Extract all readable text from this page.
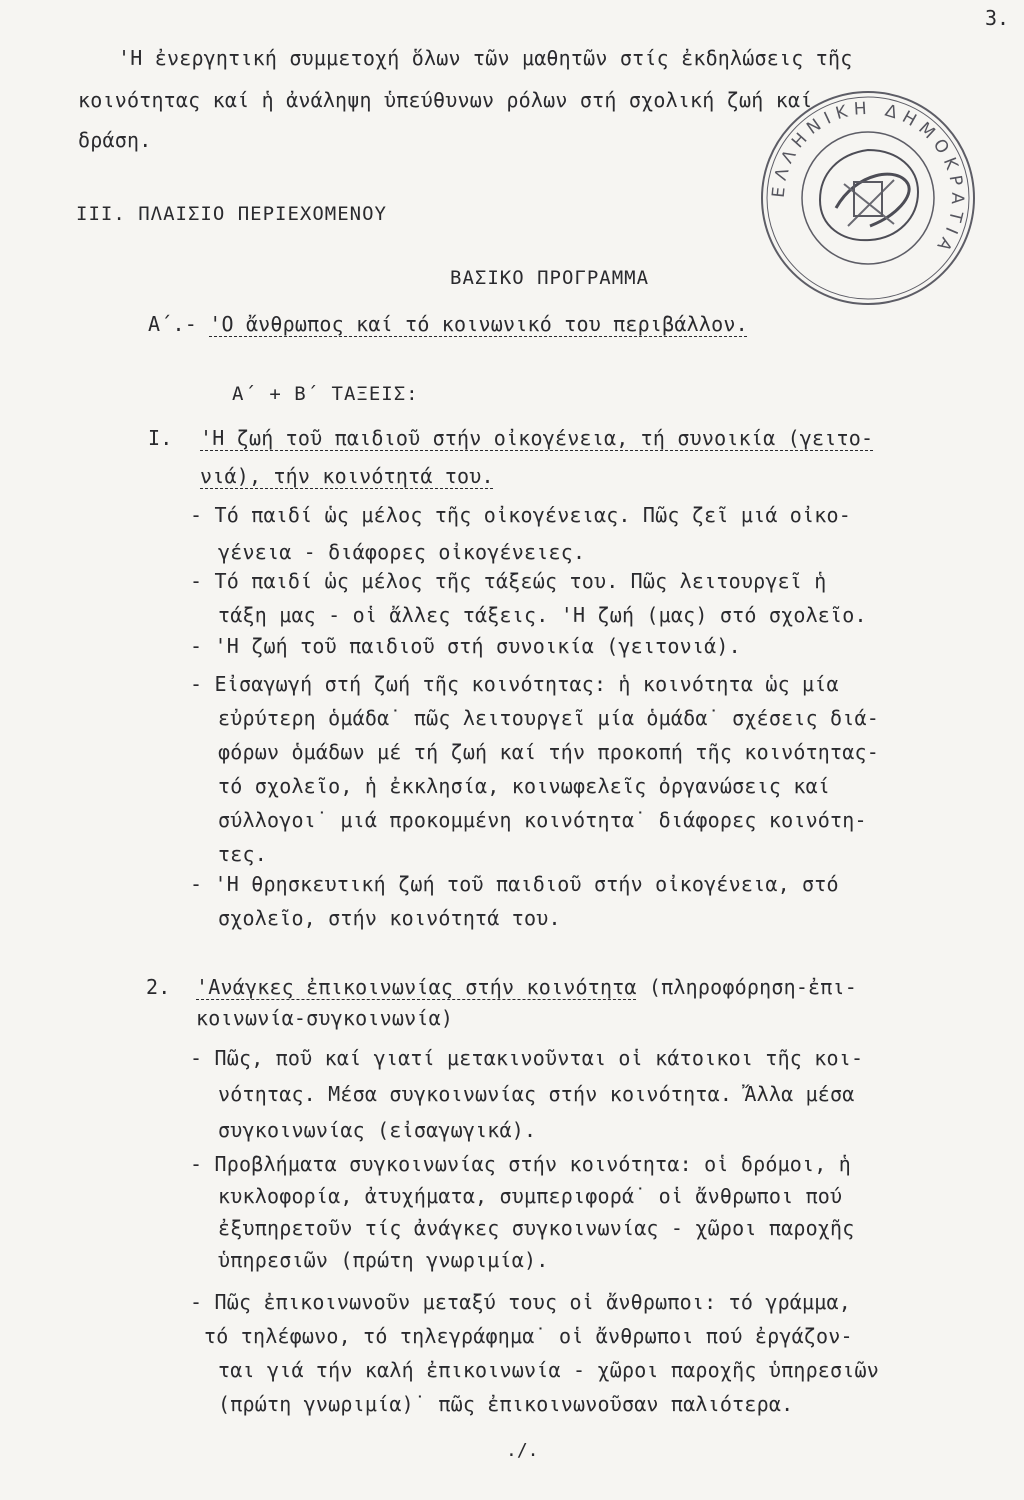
3.
ΕΛΛΗΝΙΚΗ ΔΗΜΟΚΡΑΤΙΑ
'Η ἐνεργητική συμμετοχή ὅλων τῶν μαθητῶν στίς ἐκδηλώσεις τῆς
κοινότητας καί ἡ ἀνάληψη ὑπεύθυνων ρόλων στή σχολική ζωή καί
δράση.
III. ΠΛΑΙΣΙΟ ΠΕΡΙΕΧΟΜΕΝΟΥ
ΒΑΣΙΚΟ ΠΡΟΓΡΑΜΜΑ
Α΄.- 'Ο ἄνθρωπος καί τό κοινωνικό του περιβάλλον.
Α΄ + Β΄ ΤΑΞΕΙΣ:
I. 'Η ζωή τοῦ παιδιοῦ στήν οἰκογένεια, τή συνοικία (γειτο-
νιά), τήν κοινότητά του.
- Τό παιδί ὡς μέλος τῆς οἰκογένειας. Πῶς ζεῖ μιά οἰκο-
γένεια - διάφορες οἰκογένειες.
- Τό παιδί ὡς μέλος τῆς τάξεώς του. Πῶς λειτουργεῖ ἡ
τάξη μας - οἱ ἄλλες τάξεις. 'Η ζωή (μας) στό σχολεῖο.
- 'Η ζωή τοῦ παιδιοῦ στή συνοικία (γειτονιά).
- Εἰσαγωγή στή ζωή τῆς κοινότητας: ἡ κοινότητα ὡς μία
εὐρύτερη ὁμάδα˙ πῶς λειτουργεῖ μία ὁμάδα˙ σχέσεις διά-
φόρων ὁμάδων μέ τή ζωή καί τήν προκοπή τῆς κοινότητας-
τό σχολεῖο, ἡ ἐκκλησία, κοινωφελεῖς ὀργανώσεις καί
σύλλογοι˙ μιά προκομμένη κοινότητα˙ διάφορες κοινότη-
τες.
- 'Η θρησκευτική ζωή τοῦ παιδιοῦ στήν οἰκογένεια, στό
σχολεῖο, στήν κοινότητά του.
2. 'Ανάγκες ἐπικοινωνίας στήν κοινότητα (πληροφόρηση-ἐπι-
κοινωνία-συγκοινωνία)
- Πῶς, ποῦ καί γιατί μετακινοῦνται οἱ κάτοικοι τῆς κοι-
νότητας. Μέσα συγκοινωνίας στήν κοινότητα. Ἄλλα μέσα
συγκοινωνίας (εἰσαγωγικά).
- Προβλήματα συγκοινωνίας στήν κοινότητα: οἱ δρόμοι, ἡ
κυκλοφορία, ἀτυχήματα, συμπεριφορά˙ οἱ ἄνθρωποι πού
ἐξυπηρετοῦν τίς ἀνάγκες συγκοινωνίας - χῶροι παροχῆς
ὑπηρεσιῶν (πρώτη γνωριμία).
- Πῶς ἐπικοινωνοῦν μεταξύ τους οἱ ἄνθρωποι: τό γράμμα,
τό τηλέφωνο, τό τηλεγράφημα˙ οἱ ἄνθρωποι πού ἐργάζον-
ται γιά τήν καλή ἐπικοινωνία - χῶροι παροχῆς ὑπηρεσιῶν
(πρώτη γνωριμία)˙ πῶς ἐπικοινωνοῦσαν παλιότερα.
./.
